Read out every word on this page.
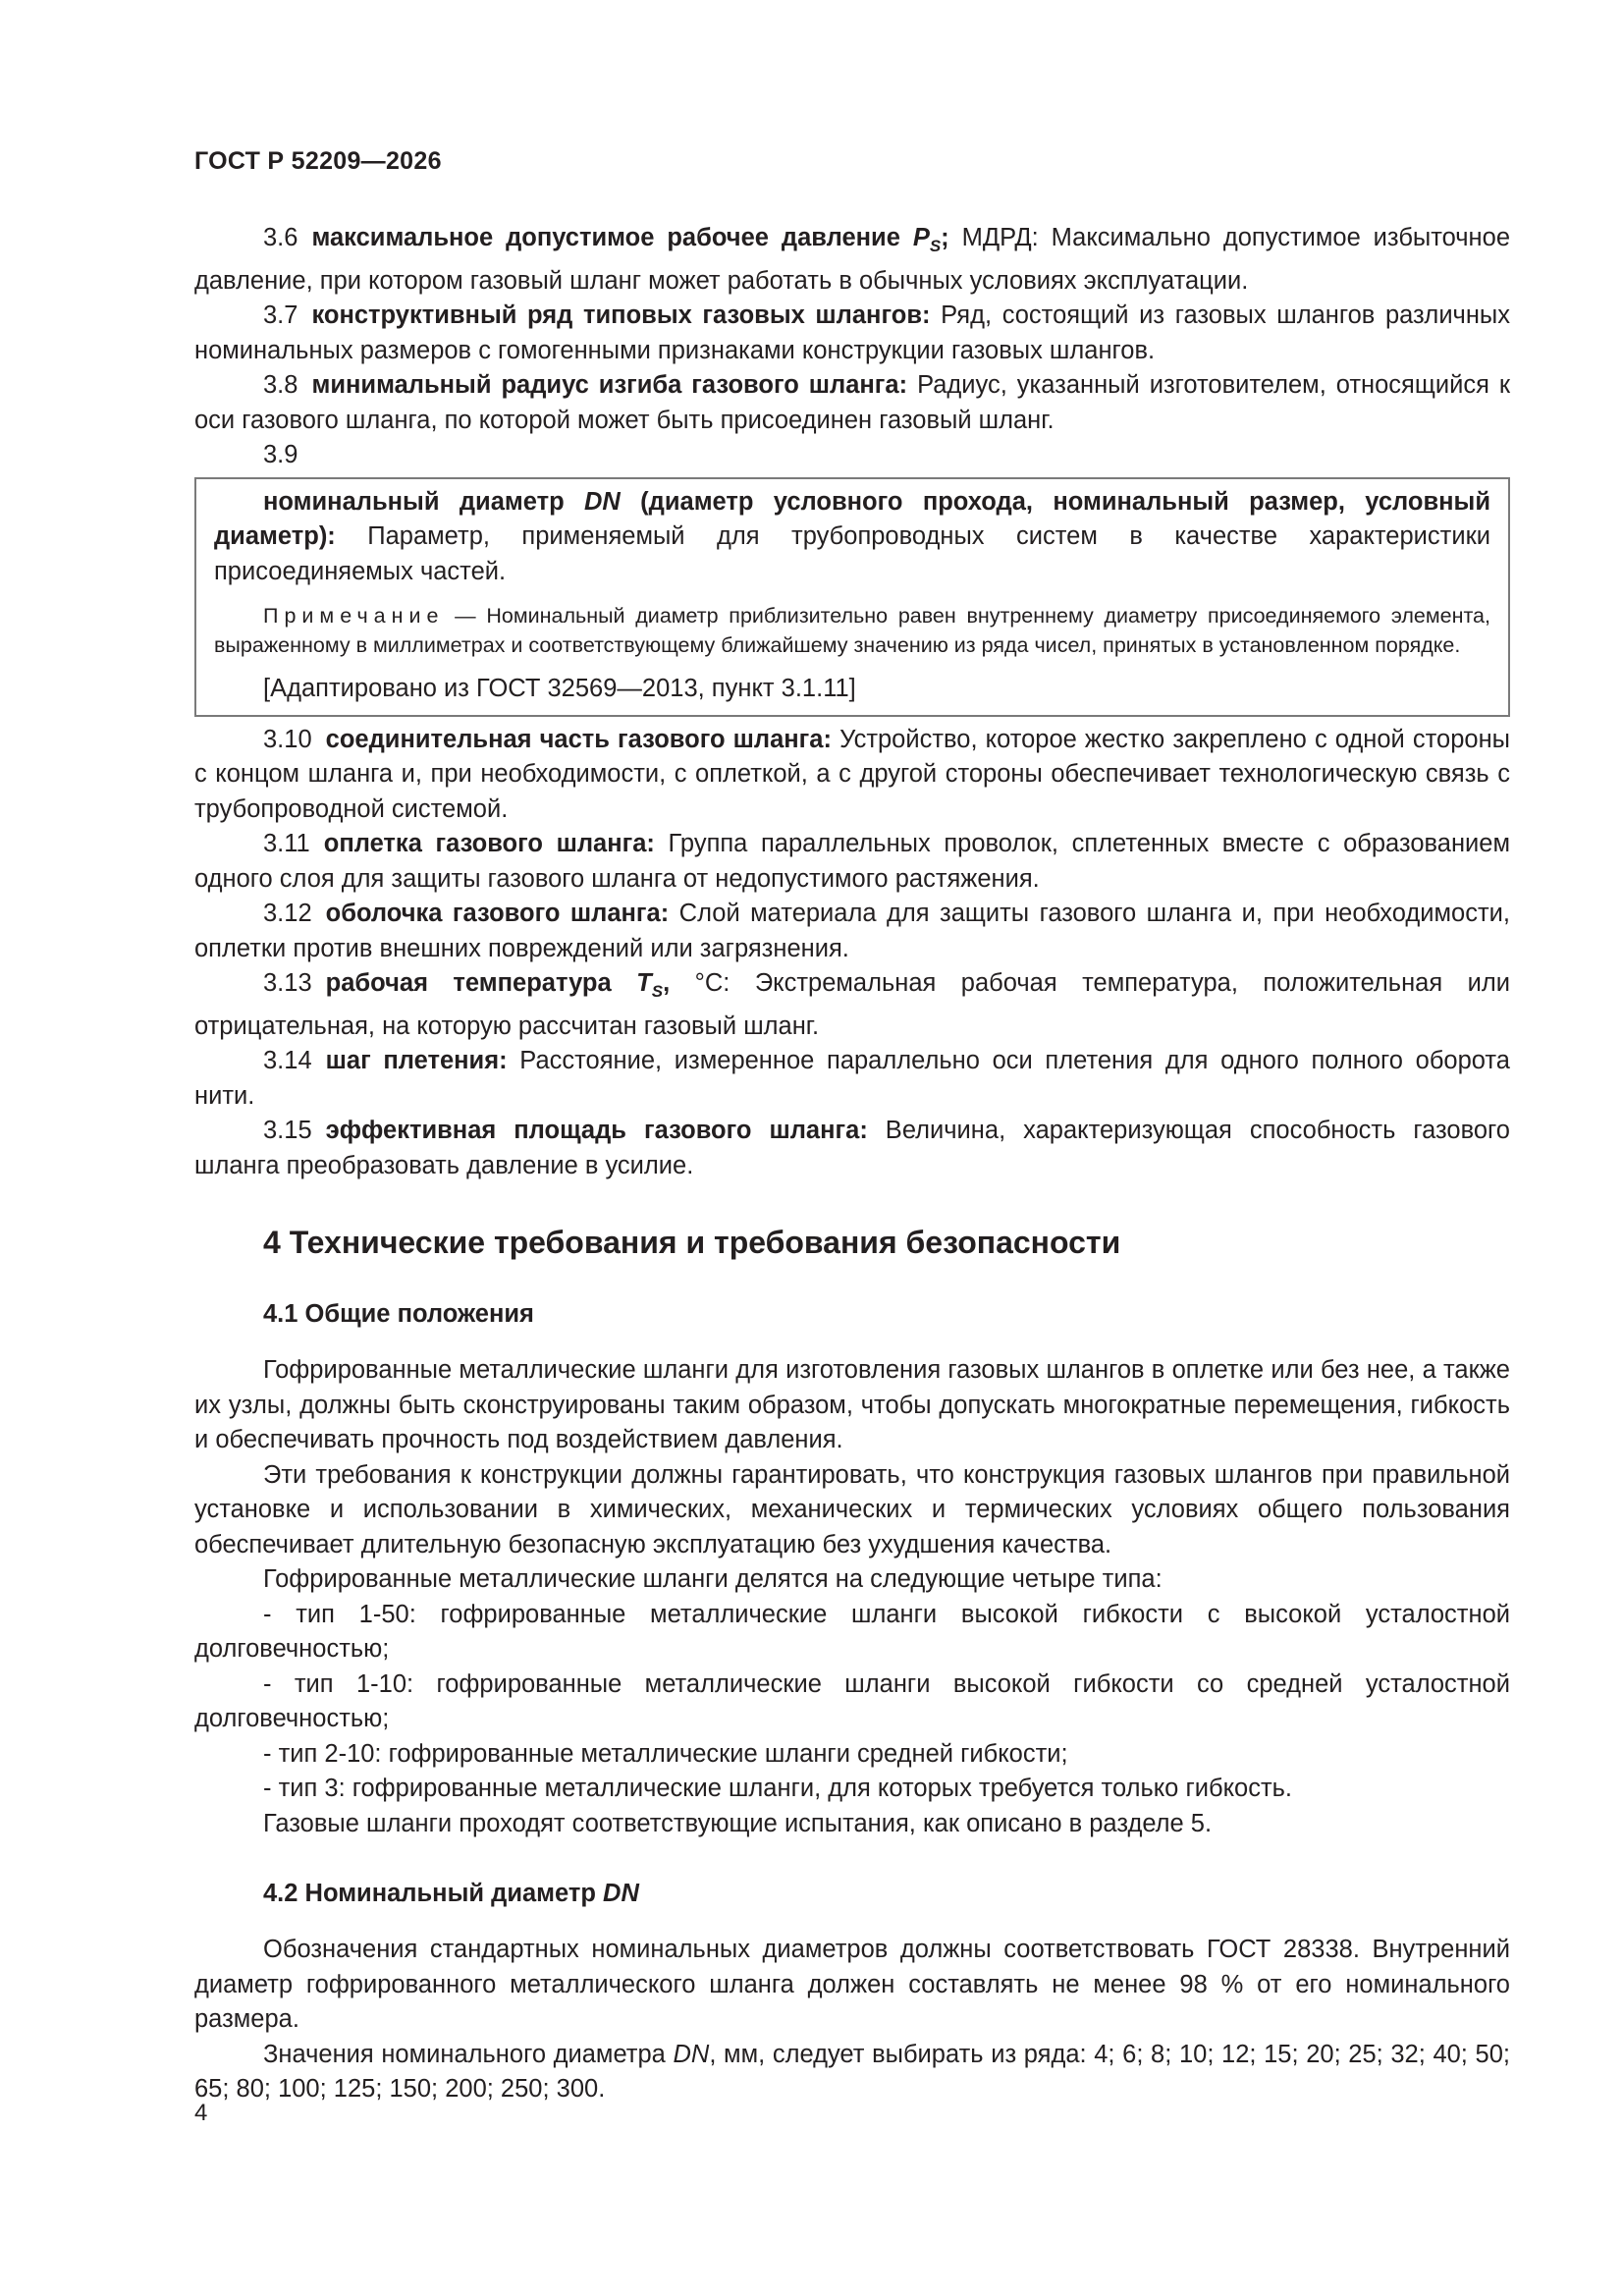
ГОСТ Р 52209—2026

3.6 максимальное допустимое рабочее давление $P_S$; МДРД: Максимально допустимое избыточное давление, при котором газовый шланг может работать в обычных условиях эксплуатации.

3.7 конструктивный ряд типовых газовых шлангов: Ряд, состоящий из газовых шлангов различных номинальных размеров с гомогенными признаками конструкции газовых шлангов.

3.8 минимальный радиус изгиба газового шланга: Радиус, указанный изготовителем, относящийся к оси газового шланга, по которой может быть присоединен газовый шланг.

3.9

номинальный диаметр DN (диаметр условного прохода, номинальный размер, условный диаметр): Параметр, применяемый для трубопроводных систем в качестве характеристики присоединяемых частей.

Примечание — Номинальный диаметр приблизительно равен внутреннему диаметру присоединяемого элемента, выраженному в миллиметрах и соответствующему ближайшему значению из ряда чисел, принятых в установленном порядке.

[Адаптировано из ГОСТ 32569—2013, пункт 3.1.11]

3.10 соединительная часть газового шланга: Устройство, которое жестко закреплено с одной стороны с концом шланга и, при необходимости, с оплеткой, а с другой стороны обеспечивает технологическую связь с трубопроводной системой.

3.11 оплетка газового шланга: Группа параллельных проволок, сплетенных вместе с образованием одного слоя для защиты газового шланга от недопустимого растяжения.

3.12 оболочка газового шланга: Слой материала для защиты газового шланга и, при необходимости, оплетки против внешних повреждений или загрязнения.

3.13 рабочая температура $T_S$, °С: Экстремальная рабочая температура, положительная или отрицательная, на которую рассчитан газовый шланг.

3.14 шаг плетения: Расстояние, измеренное параллельно оси плетения для одного полного оборота нити.

3.15 эффективная площадь газового шланга: Величина, характеризующая способность газового шланга преобразовать давление в усилие.

4 Технические требования и требования безопасности
4.1 Общие положения

Гофрированные металлические шланги для изготовления газовых шлангов в оплетке или без нее, а также их узлы, должны быть сконструированы таким образом, чтобы допускать многократные перемещения, гибкость и обеспечивать прочность под воздействием давления.

Эти требования к конструкции должны гарантировать, что конструкция газовых шлангов при правильной установке и использовании в химических, механических и термических условиях общего пользования обеспечивает длительную безопасную эксплуатацию без ухудшения качества.

Гофрированные металлические шланги делятся на следующие четыре типа:

- тип 1-50: гофрированные металлические шланги высокой гибкости с высокой усталостной долговечностью;

- тип 1-10: гофрированные металлические шланги высокой гибкости со средней усталостной долговечностью;

- тип 2-10: гофрированные металлические шланги средней гибкости;

- тип 3: гофрированные металлические шланги, для которых требуется только гибкость.

Газовые шланги проходят соответствующие испытания, как описано в разделе 5.

4.2 Номинальный диаметр DN

Обозначения стандартных номинальных диаметров должны соответствовать ГОСТ 28338. Внутренний диаметр гофрированного металлического шланга должен составлять не менее 98 % от его номинального размера.

Значения номинального диаметра DN, мм, следует выбирать из ряда: 4; 6; 8; 10; 12; 15; 20; 25; 32; 40; 50; 65; 80; 100; 125; 150; 200; 250; 300.

4
